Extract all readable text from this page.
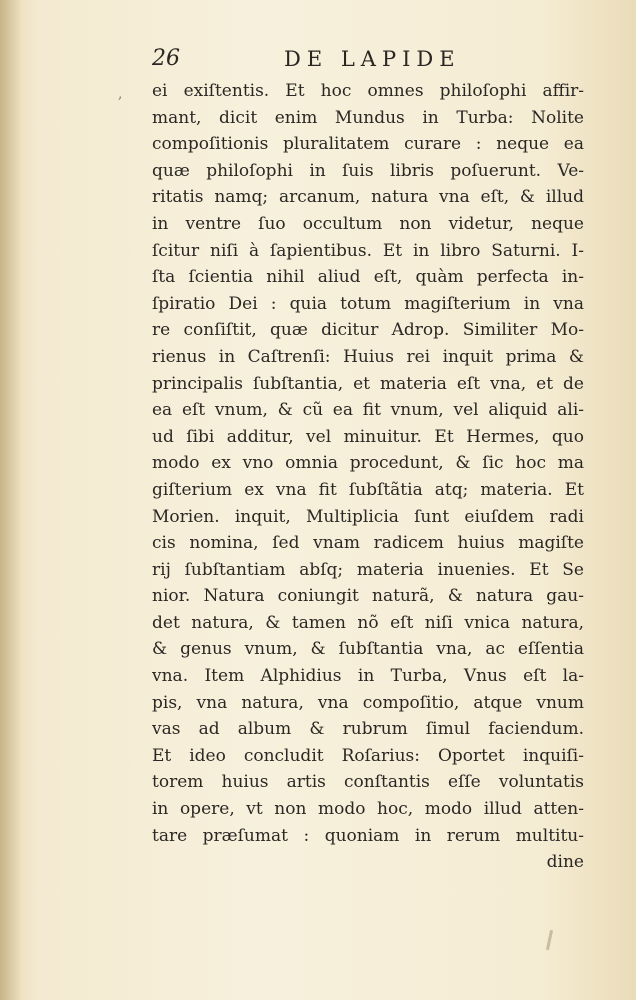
,
26	DE LAPIDE
ei exiſtentis. Et hoc omnes philoſophi affir-
mant, dicit enim Mundus in Turba: Nolite
compoſitionis pluralitatem curare : neque ea
quæ philoſophi in ſuis libris poſuerunt. Ve-
ritatis namq; arcanum, natura vna eſt, & illud
in ventre ſuo occultum non videtur, neque
ſcitur niſi à ſapientibus. Et in libro Saturni. I-
ſta ſcientia nihil aliud eſt, quàm perfecta in-
ſpiratio Dei : quia totum magiſterium in vna
re conſiſtit, quæ dicitur Adrop. Similiter Mo-
rienus in Caſtrenſi: Huius rei inquit prima &
principalis ſubſtantia, et materia eſt vna, et de
ea eſt vnum, & cũ ea fit vnum, vel aliquid ali-
ud ſibi additur, vel minuitur. Et Hermes, quo
modo ex vno omnia procedunt, & ſic hoc ma
giſterium ex vna fit ſubſtãtia atq; materia. Et
Morien. inquit, Multiplicia ſunt eiuſdem radi
cis nomina, ſed vnam radicem huius magiſte
rij ſubſtantiam abſq; materia inuenies. Et Se
nior. Natura coniungit naturã, & natura gau-
det natura, & tamen nõ eſt niſi vnica natura,
& genus vnum, & ſubſtantia vna, ac eſſentia
vna. Item Alphidius in Turba, Vnus eſt la-
pis, vna natura, vna compoſitio, atque vnum
vas ad album & rubrum ſimul faciendum.
Et ideo concludit Roſarius: Oportet inquiſi-
torem huius artis conſtantis eſſe voluntatis
in opere, vt non modo hoc, modo illud atten-
tare præſumat : quoniam in rerum multitu-
dine
